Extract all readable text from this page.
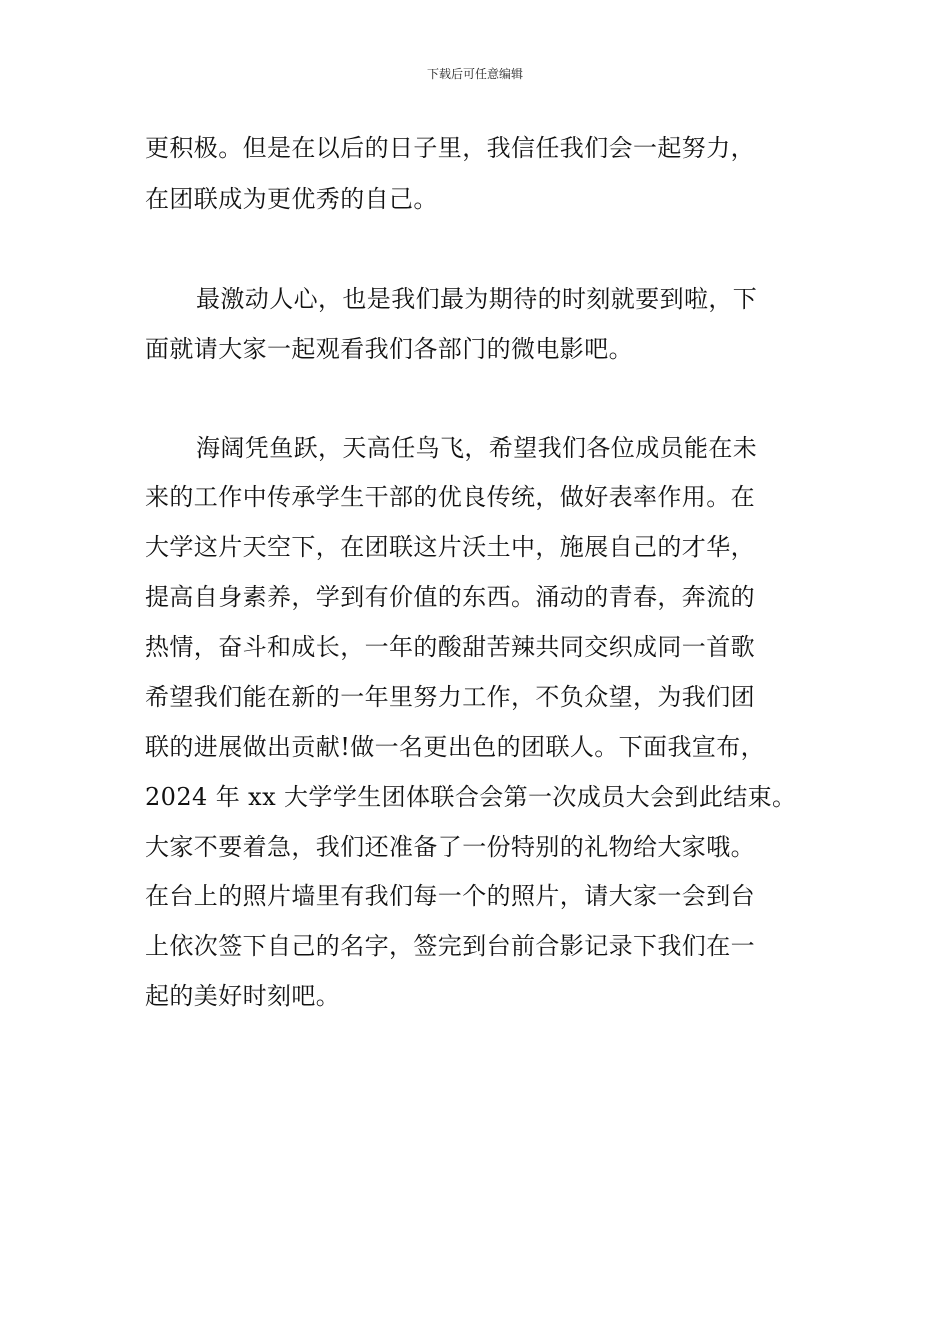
下载后可任意编辑
更积极。但是在以后的日子里，我信任我们会一起努力，
在团联成为更优秀的自己。
最激动人心，也是我们最为期待的时刻就要到啦，下
面就请大家一起观看我们各部门的微电影吧。
海阔凭鱼跃，天高任鸟飞，希望我们各位成员能在未
来的工作中传承学生干部的优良传统，做好表率作用。在
大学这片天空下，在团联这片沃土中，施展自己的才华，
提高自身素养，学到有价值的东西。涌动的青春，奔流的
热情，奋斗和成长，一年的酸甜苦辣共同交织成同一首歌
希望我们能在新的一年里努力工作，不负众望，为我们团
联的进展做出贡献!做一名更出色的团联人。下面我宣布，
2024 年 xx 大学学生团体联合会第一次成员大会到此结束。
大家不要着急，我们还准备了一份特别的礼物给大家哦。
在台上的照片墙里有我们每一个的照片，请大家一会到台
上依次签下自己的名字，签完到台前合影记录下我们在一
起的美好时刻吧。
